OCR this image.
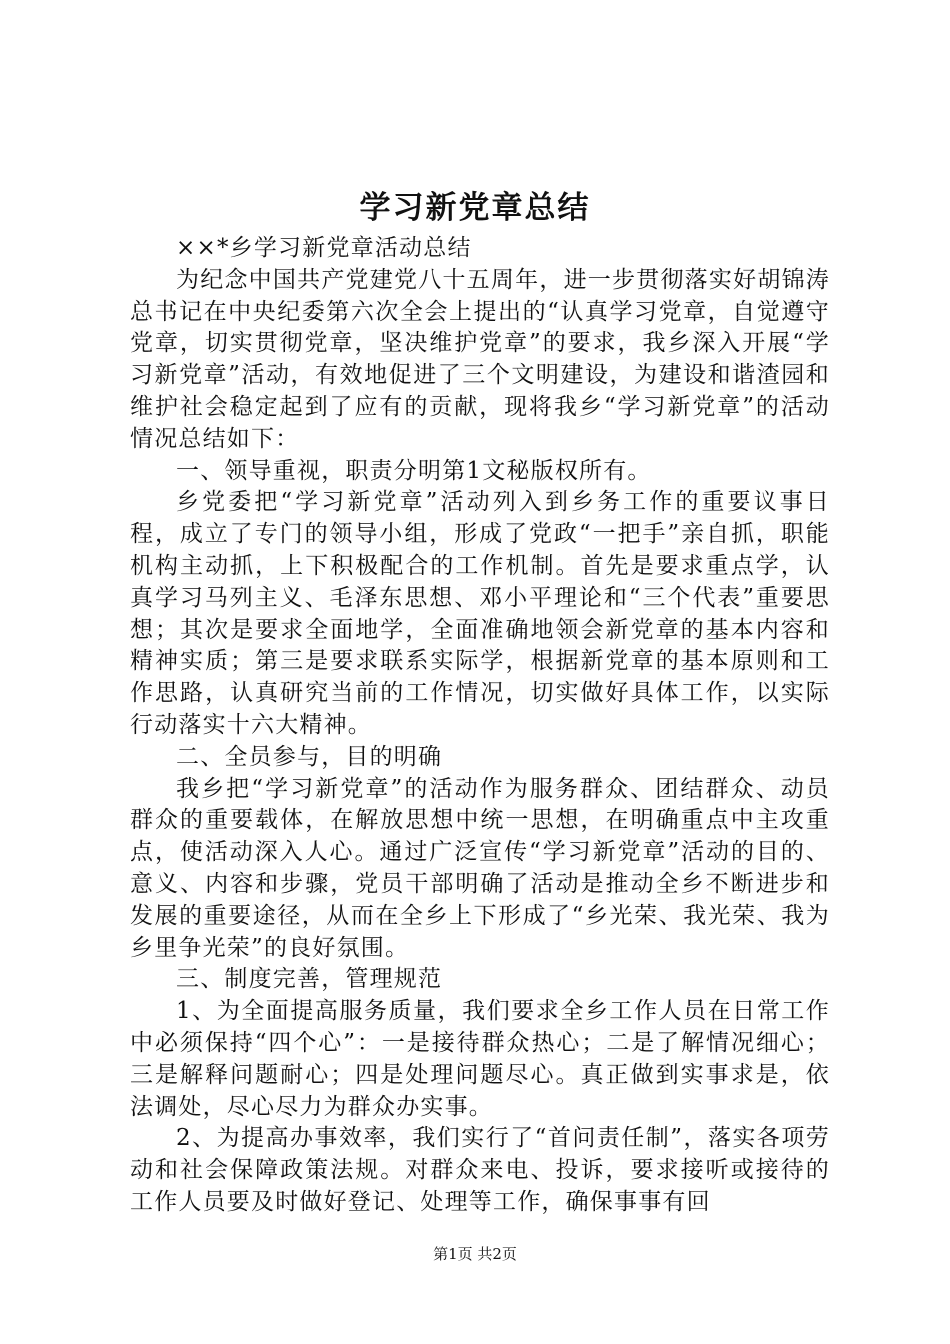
学习新党章总结

××*乡学习新党章活动总结

为纪念中国共产党建党八十五周年，进一步贯彻落实好胡锦涛总书记在中央纪委第六次全会上提出的“认真学习党章，自觉遵守党章，切实贯彻党章，坚决维护党章”的要求，我乡深入开展“学习新党章”活动，有效地促进了三个文明建设，为建设和谐渣园和维护社会稳定起到了应有的贡献，现将我乡“学习新党章”的活动情况总结如下：

一、领导重视，职责分明第1文秘版权所有。

乡党委把“学习新党章”活动列入到乡务工作的重要议事日程，成立了专门的领导小组，形成了党政“一把手”亲自抓，职能机构主动抓，上下积极配合的工作机制。首先是要求重点学，认真学习马列主义、毛泽东思想、邓小平理论和“三个代表”重要思想；其次是要求全面地学，全面准确地领会新党章的基本内容和精神实质；第三是要求联系实际学，根据新党章的基本原则和工作思路，认真研究当前的工作情况，切实做好具体工作，以实际行动落实十六大精神。

二、全员参与，目的明确

我乡把“学习新党章”的活动作为服务群众、团结群众、动员群众的重要载体，在解放思想中统一思想，在明确重点中主攻重点，使活动深入人心。通过广泛宣传“学习新党章”活动的目的、意义、内容和步骤，党员干部明确了活动是推动全乡不断进步和发展的重要途径，从而在全乡上下形成了“乡光荣、我光荣、我为乡里争光荣”的良好氛围。

三、制度完善，管理规范

1、为全面提高服务质量，我们要求全乡工作人员在日常工作中必须保持“四个心”：一是接待群众热心；二是了解情况细心；三是解释问题耐心；四是处理问题尽心。真正做到实事求是，依法调处，尽心尽力为群众办实事。

2、为提高办事效率，我们实行了“首问责任制”，落实各项劳动和社会保障政策法规。对群众来电、投诉，要求接听或接待的工作人员要及时做好登记、处理等工作，确保事事有回

第1页 共2页
